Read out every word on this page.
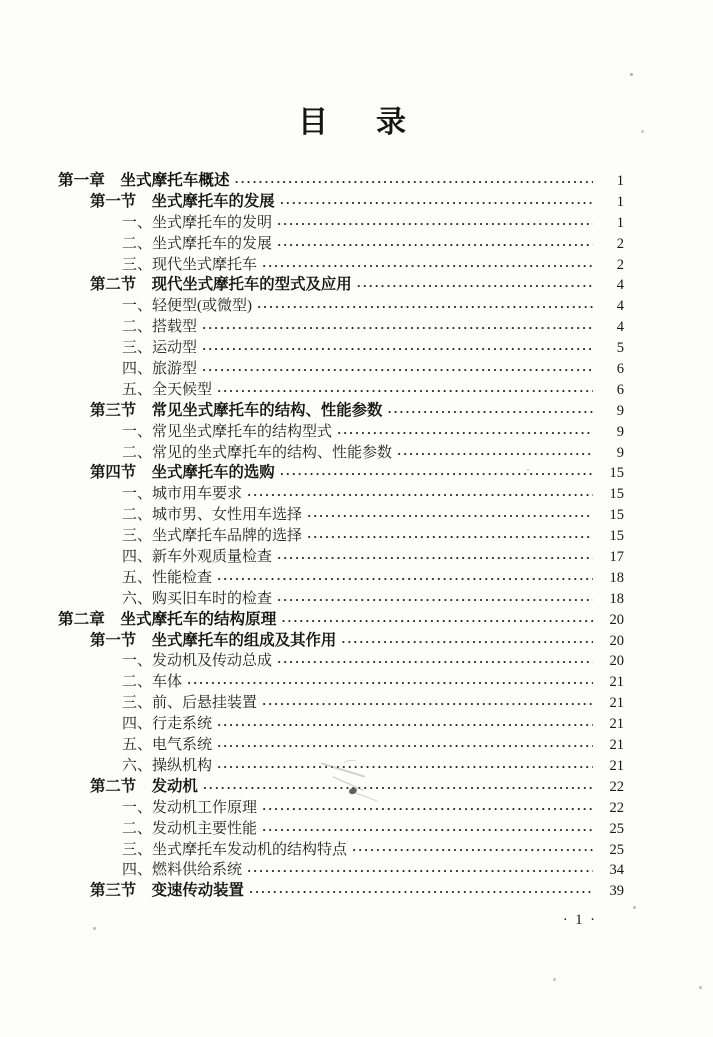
目　录
第一章　坐式摩托车概述 ·····	1
第一节　坐式摩托车的发展 ·····	1
一、坐式摩托车的发明 ·····	1
二、坐式摩托车的发展 ·····	2
三、现代坐式摩托车 ·····	2
第二节　现代坐式摩托车的型式及应用 ·····	4
一、轻便型(或微型) ·····	4
二、搭载型 ·····	4
三、运动型 ·····	5
四、旅游型 ·····	6
五、全天候型 ·····	6
第三节　常见坐式摩托车的结构、性能参数 ·····	9
一、常见坐式摩托车的结构型式 ·····	9
二、常见的坐式摩托车的结构、性能参数 ·····	9
第四节　坐式摩托车的选购 ·····	15
一、城市用车要求 ·····	15
二、城市男、女性用车选择 ·····	15
三、坐式摩托车品牌的选择 ·····	15
四、新车外观质量检查 ·····	17
五、性能检查 ·····	18
六、购买旧车时的检查 ·····	18
第二章　坐式摩托车的结构原理 ·····	20
第一节　坐式摩托车的组成及其作用 ·····	20
一、发动机及传动总成 ·····	20
二、车体 ·····	21
三、前、后悬挂装置 ·····	21
四、行走系统 ·····	21
五、电气系统 ·····	21
六、操纵机构 ·····	21
第二节　发动机 ·····	22
一、发动机工作原理 ·····	22
二、发动机主要性能 ·····	25
三、坐式摩托车发动机的结构特点 ·····	25
四、燃料供给系统 ·····	34
第三节　变速传动装置 ·····	39
· 1 ·
